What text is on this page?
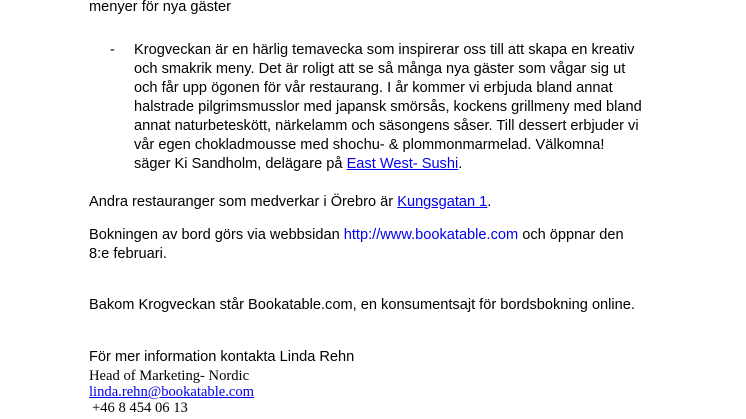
menyer för nya gäster

- Krogveckan är en härlig temavecka som inspirerar oss till att skapa en kreativ
och smakrik meny. Det är roligt att se så många nya gäster som vågar sig ut
och får upp ögonen för vår restaurang. I år kommer vi erbjuda bland annat
halstrade pilgrimsmusslor med japansk smörsås, kockens grillmeny med bland
annat naturbeteskött, närkelamm och säsongens såser. Till dessert erbjuder vi
vår egen chokladmousse med shochu- & plommonmarmelad. Välkomna!
säger Ki Sandholm, delägare på East West- Sushi.

Andra restauranger som medverkar i Örebro är Kungsgatan 1.

Bokningen av bord görs via webbsidan http://www.bookatable.com och öppnar den
8:e februari.

Bakom Krogveckan står Bookatable.com, en konsumentsajt för bordsbokning online.

För mer information kontakta Linda Rehn

Head of Marketing- Nordic
linda.rehn@bookatable.com
+46 8 454 06 13
